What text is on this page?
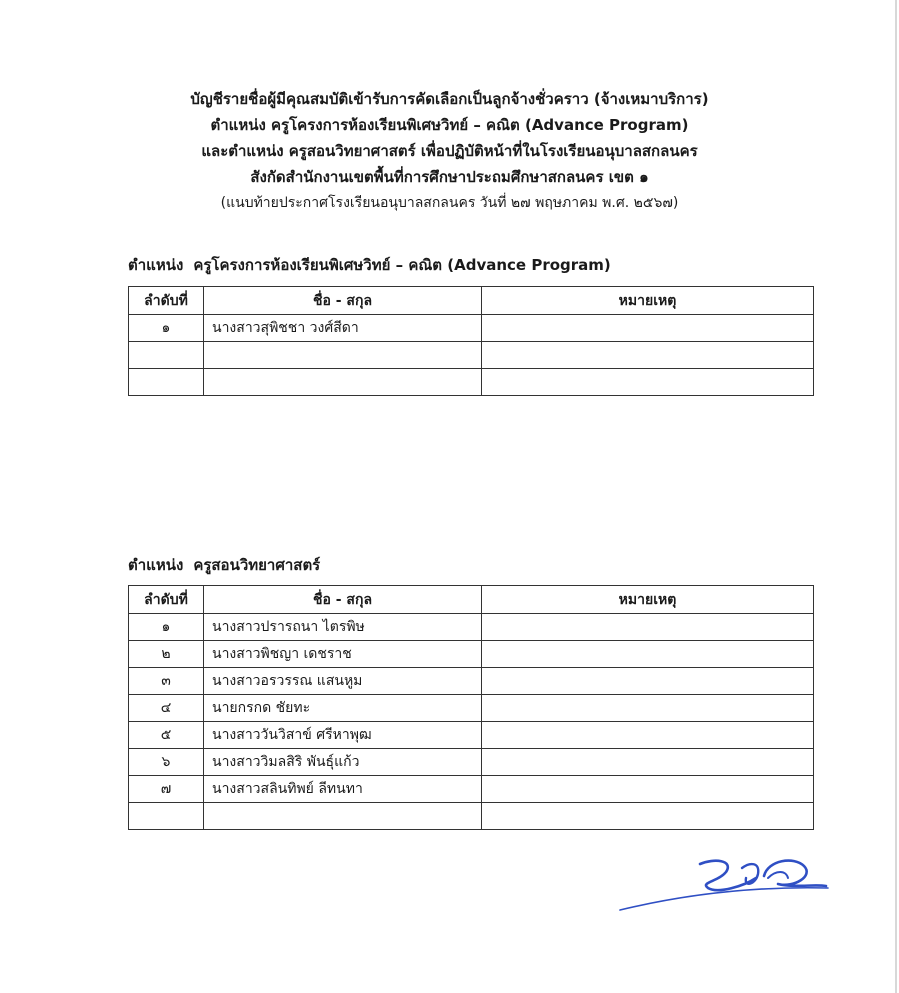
บัญชีรายชื่อผู้มีคุณสมบัติเข้ารับการคัดเลือกเป็นลูกจ้างชั่วคราว (จ้างเหมาบริการ)
ตำแหน่ง ครูโครงการห้องเรียนพิเศษวิทย์ – คณิต (Advance Program)
และตำแหน่ง ครูสอนวิทยาศาสตร์ เพื่อปฏิบัติหน้าที่ในโรงเรียนอนุบาลสกลนคร
สังกัดสำนักงานเขตพื้นที่การศึกษาประถมศึกษาสกลนคร เขต ๑
(แนบท้ายประกาศโรงเรียนอนุบาลสกลนคร วันที่ ๒๗ พฤษภาคม พ.ศ. ๒๕๖๗)
ตำแหน่ง ครูโครงการห้องเรียนพิเศษวิทย์ – คณิต (Advance Program)
ลำดับที่	ชื่อ - สกุล	หมายเหตุ
๑	นางสาวสุพิชชา วงศ์สีดา	

ตำแหน่ง ครูสอนวิทยาศาสตร์
ลำดับที่	ชื่อ - สกุล	หมายเหตุ
๑	นางสาวปรารถนา ไตรพิษ	
๒	นางสาวพิชญา เดชราช	
๓	นางสาวอรวรรณ แสนหูม	
๔	นายกรกด ชัยทะ	
๕	นางสาววันวิสาข์ ศรีหาพุฒ	
๖	นางสาววิมลสิริ พันธุ์แก้ว	
๗	นางสาวสลินทิพย์ ลีทนทา	
